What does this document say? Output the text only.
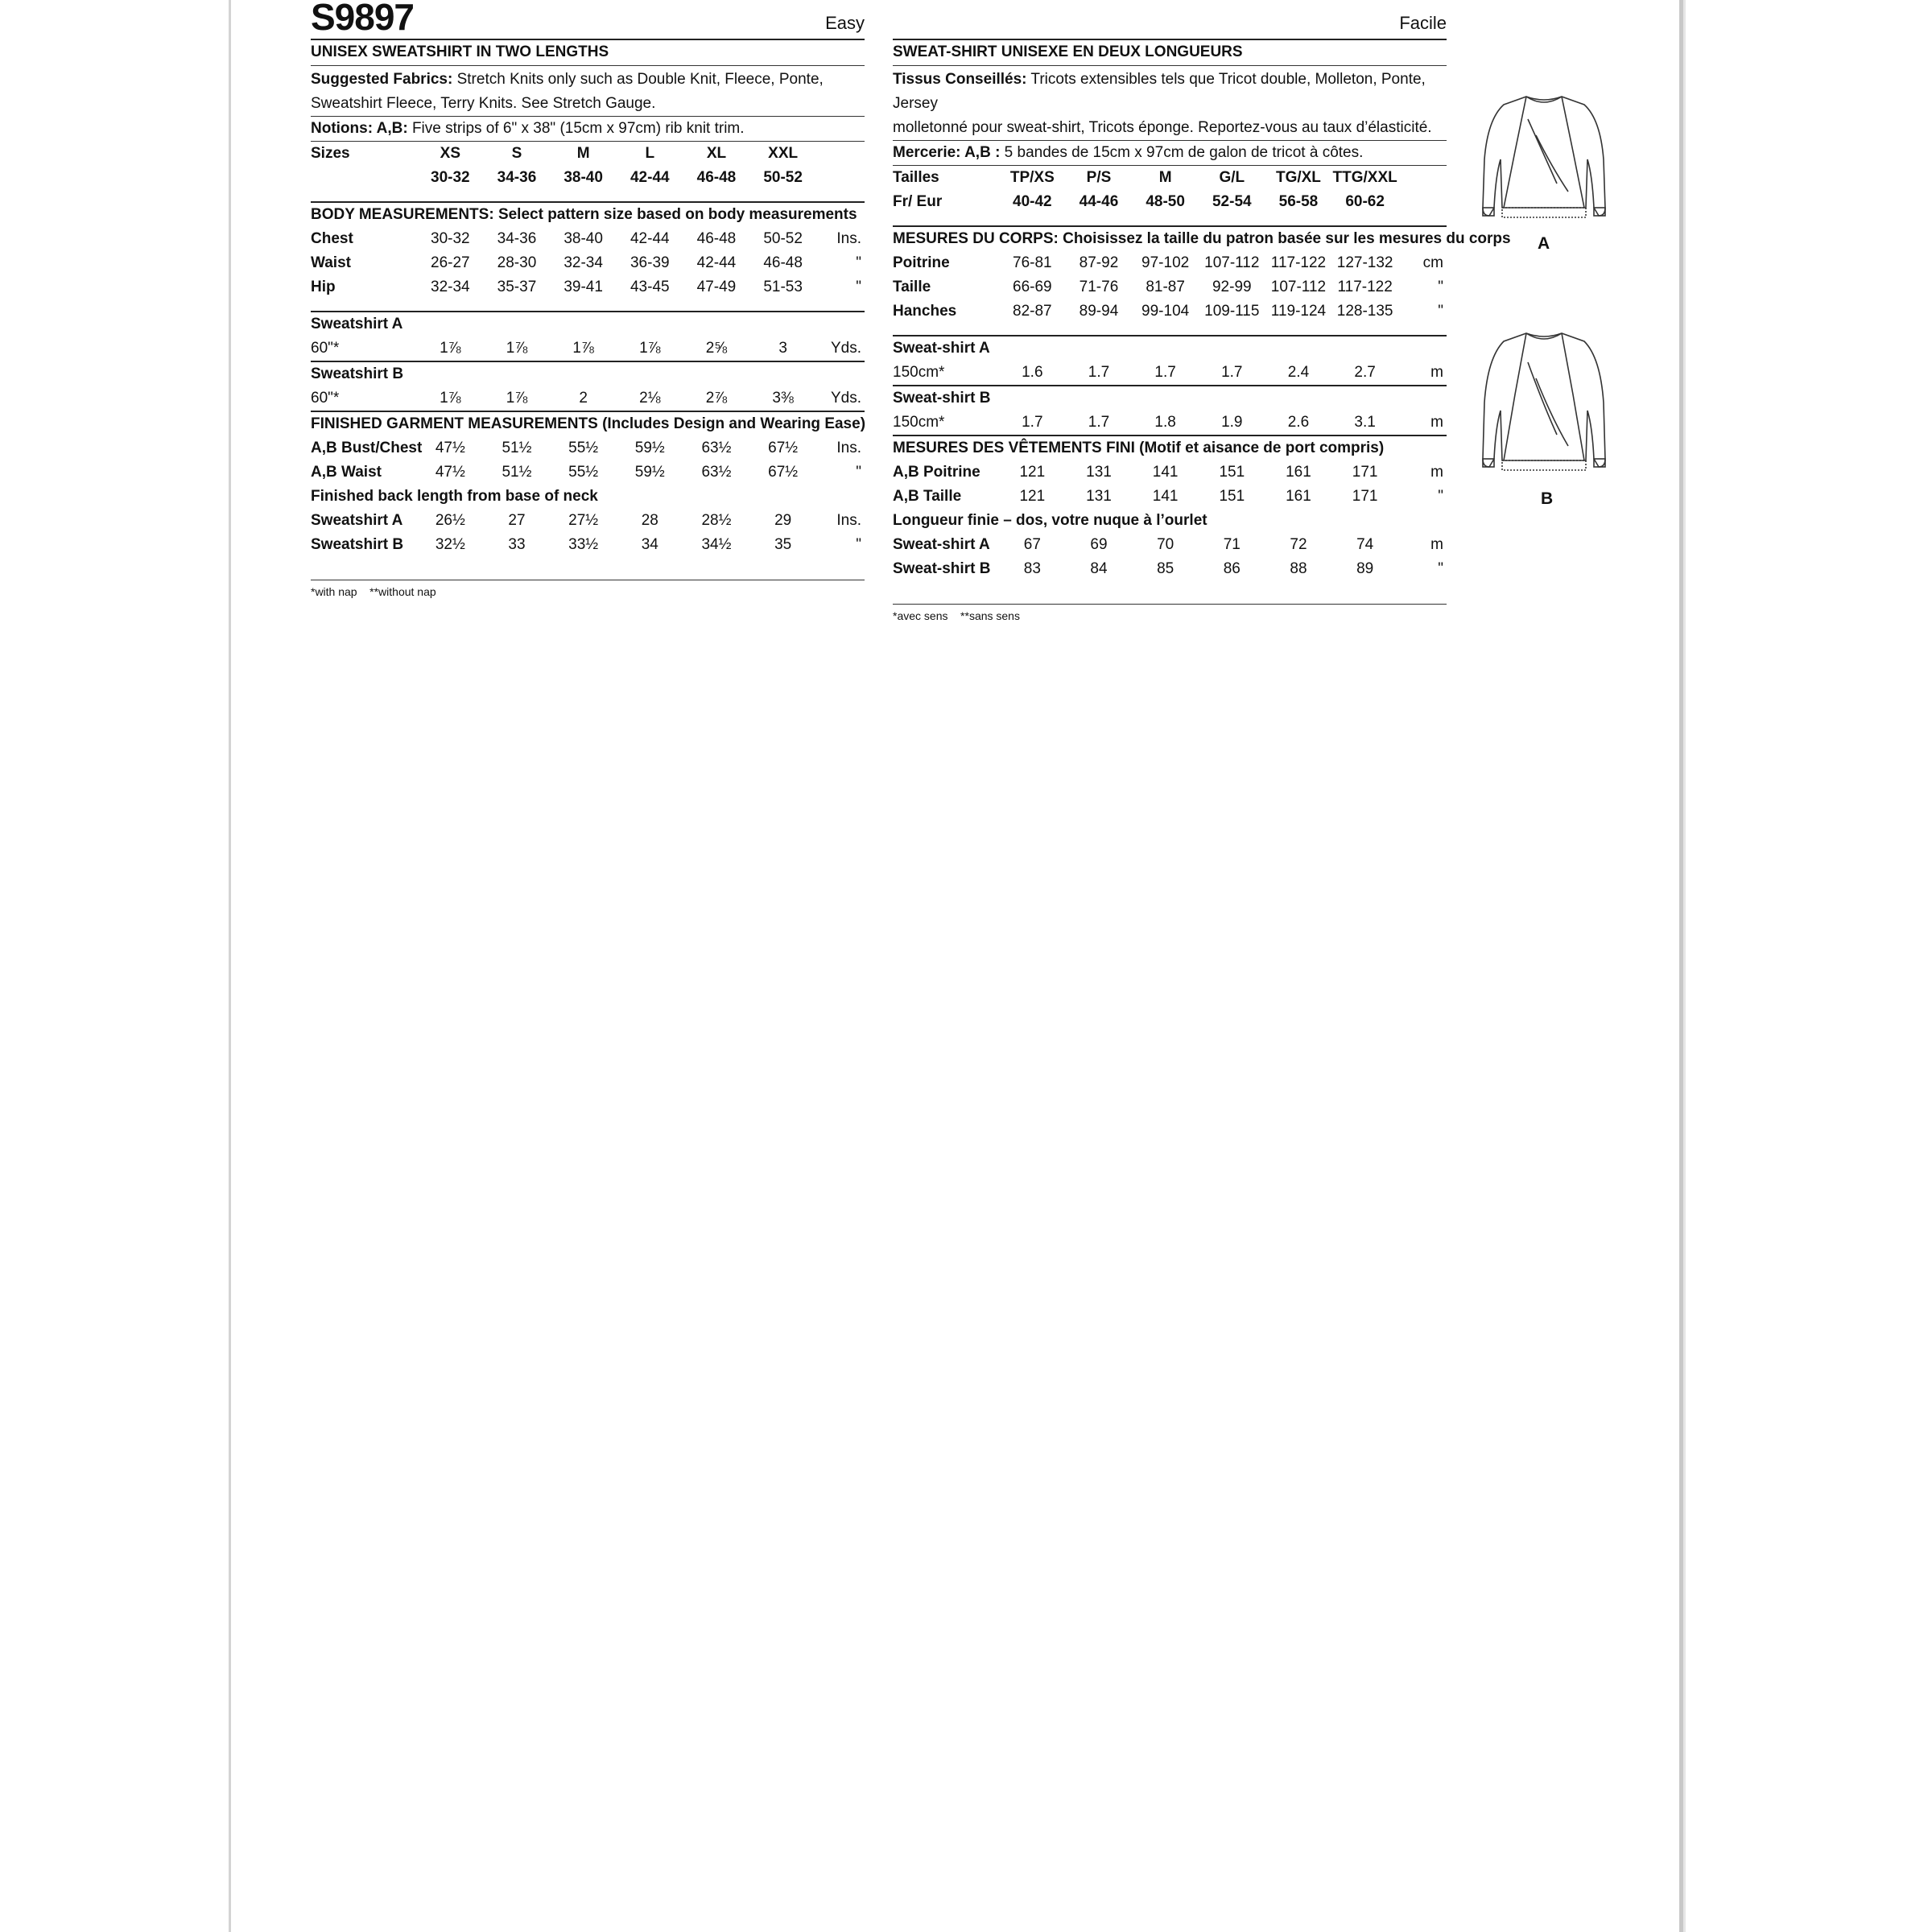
S9897	Easy
UNISEX SWEATSHIRT IN TWO LENGTHS
Suggested Fabrics: Stretch Knits only such as Double Knit, Fleece, Ponte,
Sweatshirt Fleece, Terry Knits. See Stretch Gauge.
Notions: A,B: Five strips of 6" x 38" (15cm x 97cm) rib knit trim.
Sizes	XS	S	M	L	XL	XXL	
	30-32	34-36	38-40	42-44	46-48	50-52	

BODY MEASUREMENTS: Select pattern size based on body measurements							
Chest	30-32	34-36	38-40	42-44	46-48	50-52	Ins.
Waist	26-27	28-30	32-34	36-39	42-44	46-48	"
Hip	32-34	35-37	39-41	43-45	47-49	51-53	"

Sweatshirt A							
60"*	1⅞	1⅞	1⅞	1⅞	2⅝	3	Yds.
Sweatshirt B							
60"*	1⅞	1⅞	2	2⅛	2⅞	3⅜	Yds.
FINISHED GARMENT MEASUREMENTS (Includes Design and Wearing Ease)							
A,B Bust/Chest	47½	51½	55½	59½	63½	67½	Ins.
A,B Waist	47½	51½	55½	59½	63½	67½	"
Finished back length from base of neck							
Sweatshirt A	26½	27	27½	28	28½	29	Ins.
Sweatshirt B	32½	33	33½	34	34½	35	"

*with nap    **without nap
Facile
SWEAT-SHIRT UNISEXE EN DEUX LONGUEURS
Tissus Conseillés: Tricots extensibles tels que Tricot double, Molleton, Ponte, Jersey
molletonné pour sweat-shirt, Tricots éponge. Reportez-vous au taux d’élasticité.
Mercerie: A,B : 5 bandes de 15cm x 97cm de galon de tricot à côtes.
Tailles	TP/XS	P/S	M	G/L	TG/XL	TTG/XXL	
Fr/ Eur	40-42	44-46	48-50	52-54	56-58	60-62	

MESURES DU CORPS: Choisissez la taille du patron basée sur les mesures du corps							
Poitrine	76-81	87-92	97-102	107-112	117-122	127-132	cm
Taille	66-69	71-76	81-87	92-99	107-112	117-122	"
Hanches	82-87	89-94	99-104	109-115	119-124	128-135	"

Sweat-shirt A							
150cm*	1.6	1.7	1.7	1.7	2.4	2.7	m
Sweat-shirt B							
150cm*	1.7	1.7	1.8	1.9	2.6	3.1	m
MESURES DES VÊTEMENTS FINI (Motif et aisance de port compris)							
A,B Poitrine	121	131	141	151	161	171	m
A,B Taille	121	131	141	151	161	171	"
Longueur finie – dos, votre nuque à l’ourlet							
Sweat-shirt A	67	69	70	71	72	74	m
Sweat-shirt B	83	84	85	86	88	89	"

*avec sens    **sans sens
A
B
